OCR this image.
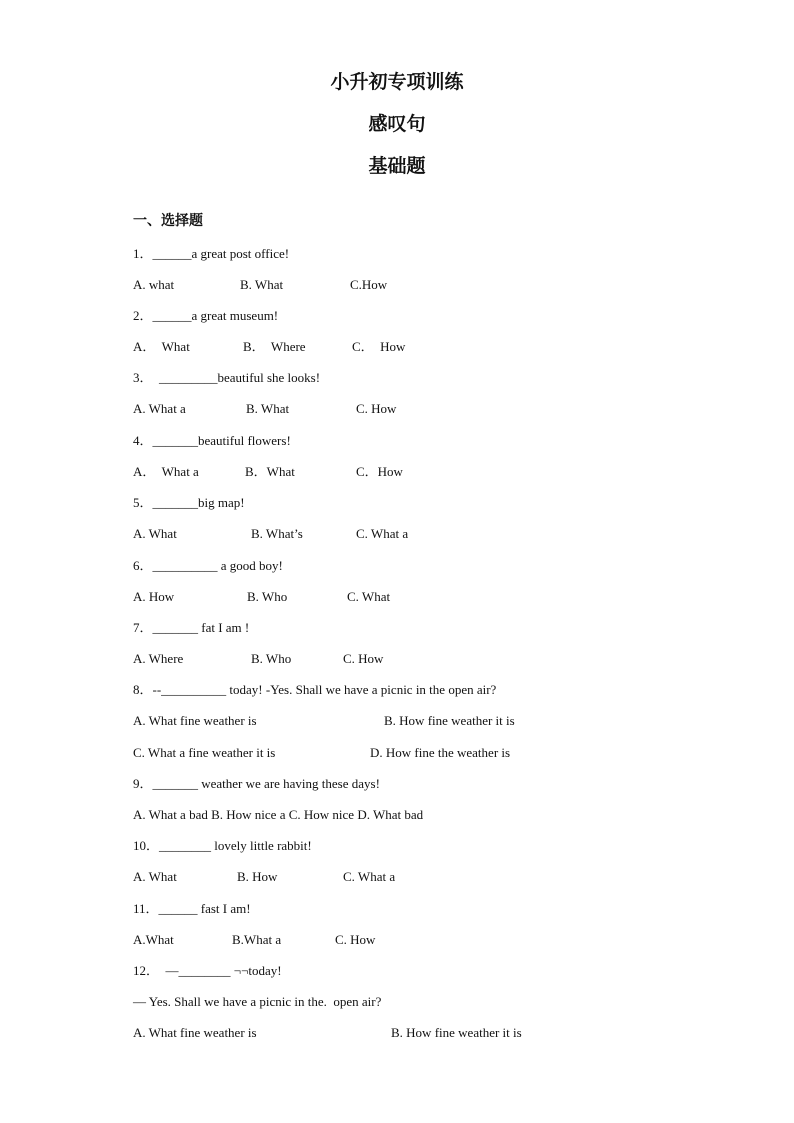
小升初专项训练
感叹句
基础题
一、选择题
1．______a great post office!
A. what	B. What	C.How
2．______a great museum!
A．  What	B．  Where	C．  How
3．  _________beautiful she looks!
A. What a	B. What	C. How
4．_______beautiful flowers!
A．  What a	B．What	C．How
5．_______big map!
A. What	B. What’s	C. What a
6．__________ a good boy!
A. How	B. Who	C. What
7．_______ fat I am !
A. Where	B. Who	C. How
8．--__________ today! -Yes. Shall we have a picnic in the open air?
A. What fine weather is	B. How fine weather it is
C. What a fine weather it is	D. How fine the weather is
9．_______ weather we are having these days!
A. What a bad B. How nice a C. How nice D. What bad
10．________ lovely little rabbit!
A. What	B. How	C. What a
11．______ fast I am!
A.What	B.What a	C. How
12．  —________ ¬¬today!
— Yes. Shall we have a picnic in the.  open air?
A. What fine weather is	B. How fine weather it is
